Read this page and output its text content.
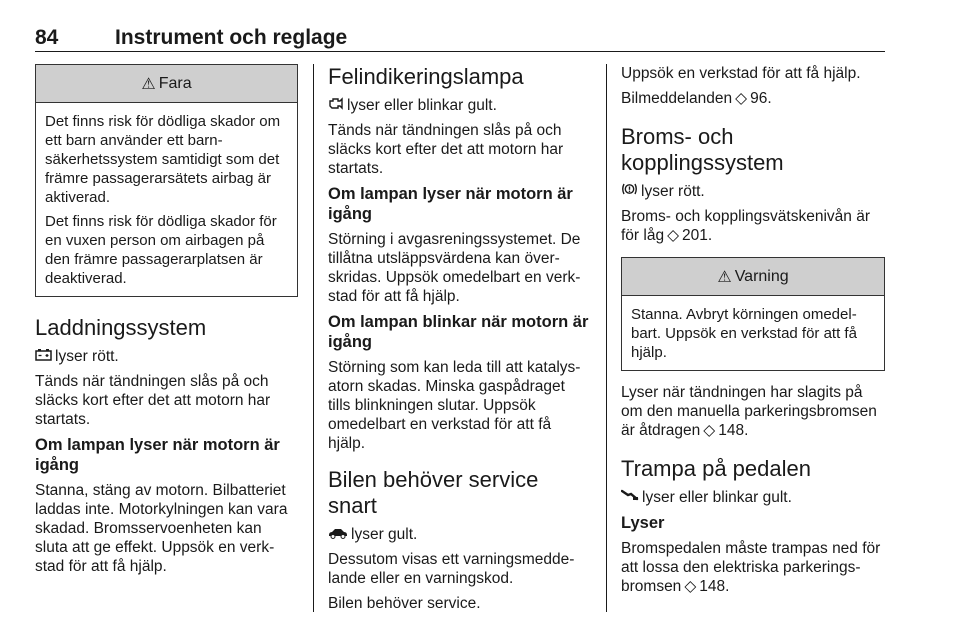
84	Instrument och reglage
⚠ Fara

Det finns risk för dödliga skador om ett barn använder ett barn-säkerhetssystem samtidigt som det främre passagerarsätets airbag är aktiverad.

Det finns risk för dödliga skador för en vuxen person om airbagen på den främre passagerarplatsen är deaktiverad.

Laddningssystem

lyser rött.

Tänds när tändningen slås på och släcks kort efter det att motorn har startats.

Om lampan lyser när motorn är igång

Stanna, stäng av motorn. Bilbatteriet laddas inte. Motorkylningen kan vara skadad. Bromsservoenheten kan sluta att ge effekt. Uppsök en verk-stad för att få hjälp.

Felindikeringslampa

lyser eller blinkar gult.

Tänds när tändningen slås på och släcks kort efter det att motorn har startats.

Om lampan lyser när motorn är igång

Störning i avgasreningssystemet. De tillåtna utsläppsvärdena kan över-skridas. Uppsök omedelbart en verk-stad för att få hjälp.

Om lampan blinkar när motorn är igång

Störning som kan leda till att katalys-atorn skadas. Minska gaspådraget tills blinkningen slutar. Uppsök omedelbart en verkstad för att få hjälp.

Bilen behöver service snart

lyser gult.

Dessutom visas ett varningsmedde-lande eller en varningskod.

Bilen behöver service.

Uppsök en verkstad för att få hjälp.

Bilmeddelanden ◇ 96.

Broms- och kopplingssystem

lyser rött.

Broms- och kopplingsvätskenivån är för låg ◇ 201.

⚠ Varning

Stanna. Avbryt körningen omedel-bart. Uppsök en verkstad för att få hjälp.

Lyser när tändningen har slagits på om den manuella parkeringsbromsen är åtdragen ◇ 148.

Trampa på pedalen

lyser eller blinkar gult.

Lyser

Bromspedalen måste trampas ned för att lossa den elektriska parkerings-bromsen ◇ 148.
